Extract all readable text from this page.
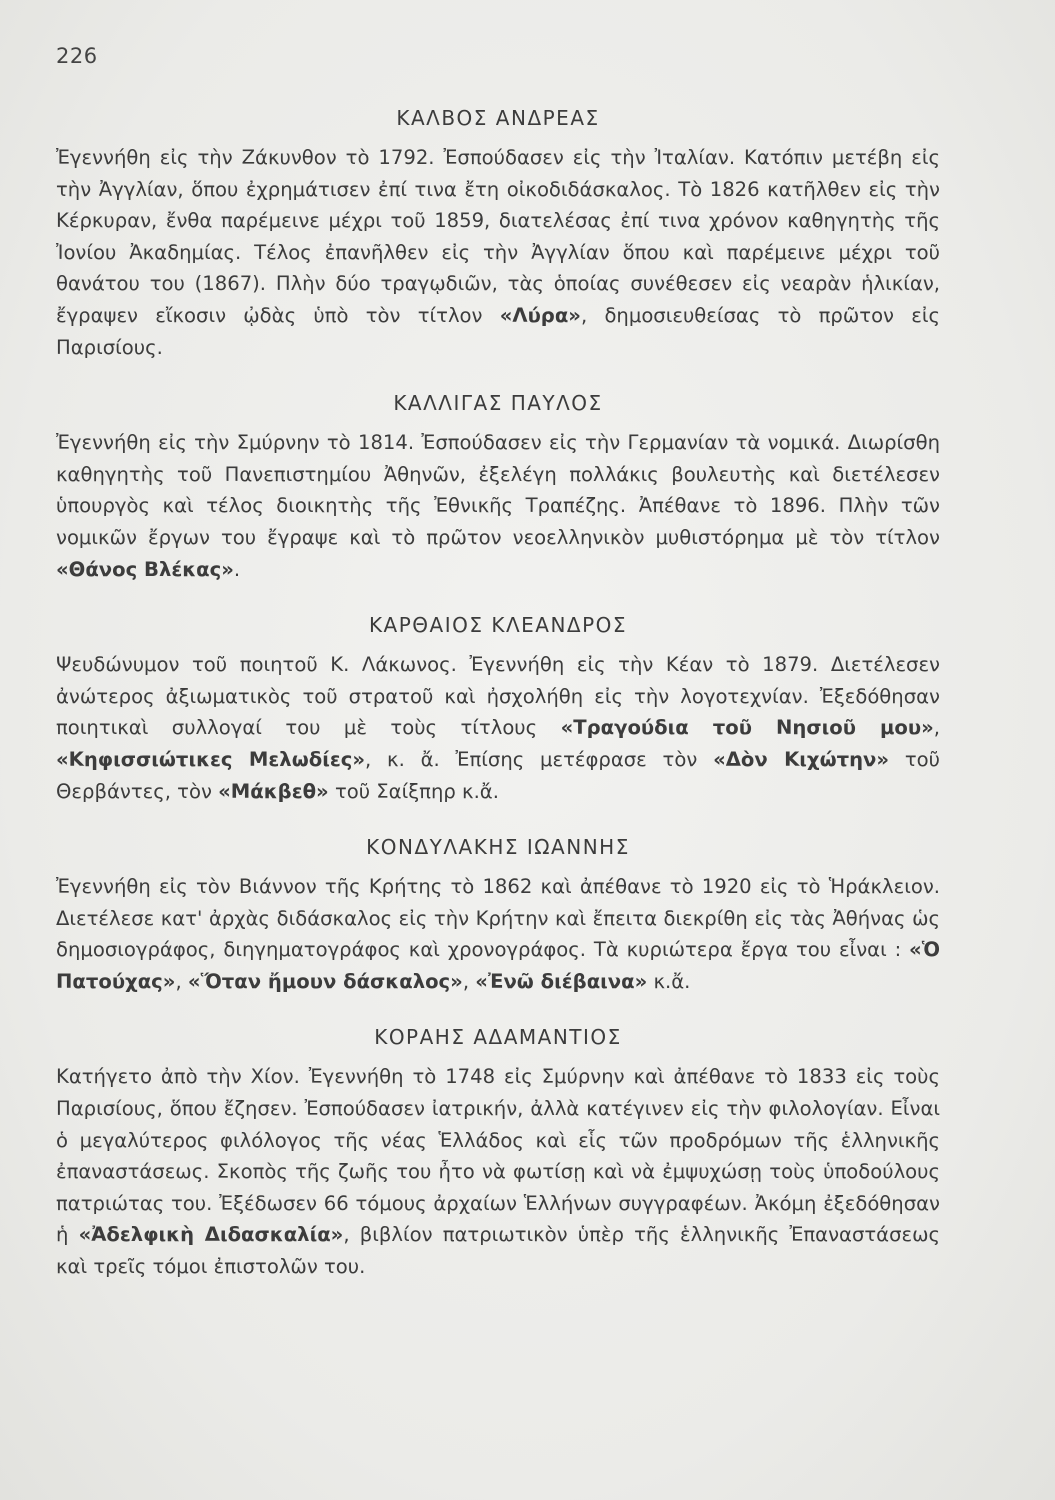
226
ΚΑΛΒΟΣ ΑΝΔΡΕΑΣ

Ἐγεννήθη εἰς τὴν Ζάκυνθον τὸ 1792. Ἐσπούδασεν εἰς τὴν Ἰταλίαν. Κατόπιν μετέβη εἰς τὴν Ἀγγλίαν, ὅπου ἐχρημάτισεν ἐπί τινα ἔτη οἰκοδιδάσκαλος. Τὸ 1826 κατῆλθεν εἰς τὴν Κέρκυραν, ἔνθα παρέμεινε μέχρι τοῦ 1859, διατελέσας ἐπί τινα χρόνον καθηγητὴς τῆς Ἰονίου Ἀκαδημίας. Τέλος ἐπανῆλθεν εἰς τὴν Ἀγγλίαν ὅπου καὶ παρέμεινε μέχρι τοῦ θανάτου του (1867). Πλὴν δύο τραγῳδιῶν, τὰς ὁποίας συνέθεσεν εἰς νεαρὰν ἡλικίαν, ἔγραψεν εἴκοσιν ᾠδὰς ὑπὸ τὸν τίτλον «Λύρα», δημοσιευθείσας τὸ πρῶτον εἰς Παρισίους.

ΚΑΛΛΙΓΑΣ ΠΑΥΛΟΣ

Ἐγεννήθη εἰς τὴν Σμύρνην τὸ 1814. Ἐσπούδασεν εἰς τὴν Γερμανίαν τὰ νομικά. Διωρίσθη καθηγητὴς τοῦ Πανεπιστημίου Ἀθηνῶν, ἐξελέγη πολλάκις βουλευτὴς καὶ διετέλεσεν ὑπουργὸς καὶ τέλος διοικητὴς τῆς Ἐθνικῆς Τραπέζης. Ἀπέθανε τὸ 1896. Πλὴν τῶν νομικῶν ἔργων του ἔγραψε καὶ τὸ πρῶτον νεοελληνικὸν μυθιστόρημα μὲ τὸν τίτλον «Θάνος Βλέκας».

ΚΑΡΘΑΙΟΣ ΚΛΕΑΝΔΡΟΣ

Ψευδώνυμον τοῦ ποιητοῦ Κ. Λάκωνος. Ἐγεννήθη εἰς τὴν Κέαν τὸ 1879. Διετέλεσεν ἀνώτερος ἀξιωματικὸς τοῦ στρατοῦ καὶ ἠσχολήθη εἰς τὴν λογοτεχνίαν. Ἐξεδόθησαν ποιητικαὶ συλλογαί του μὲ τοὺς τίτλους «Τραγούδια τοῦ Νησιοῦ μου», «Κηφισσιώτικες Μελωδίες», κ. ἄ. Ἐπίσης μετέφρασε τὸν «Δὸν Κιχώτην» τοῦ Θερβάντες, τὸν «Μάκβεθ» τοῦ Σαίξπηρ κ.ἄ.

ΚΟΝΔΥΛΑΚΗΣ ΙΩΑΝΝΗΣ

Ἐγεννήθη εἰς τὸν Βιάννον τῆς Κρήτης τὸ 1862 καὶ ἀπέθανε τὸ 1920 εἰς τὸ Ἡράκλειον. Διετέλεσε κατ' ἀρχὰς διδάσκαλος εἰς τὴν Κρήτην καὶ ἔπειτα διεκρίθη εἰς τὰς Ἀθήνας ὡς δημοσιογράφος, διηγηματογράφος καὶ χρονογράφος. Τὰ κυριώτερα ἔργα του εἶναι : «Ὁ Πατούχας», «Ὅταν ἤμουν δάσκαλος», «Ἐνῶ διέβαινα» κ.ἄ.

ΚΟΡΑΗΣ ΑΔΑΜΑΝΤΙΟΣ

Κατήγετο ἀπὸ τὴν Χίον. Ἐγεννήθη τὸ 1748 εἰς Σμύρνην καὶ ἀπέθανε τὸ 1833 εἰς τοὺς Παρισίους, ὅπου ἔζησεν. Ἐσπούδασεν ἰατρικήν, ἀλλὰ κατέγινεν εἰς τὴν φιλολογίαν. Εἶναι ὁ μεγαλύτερος φιλόλογος τῆς νέας Ἑλλάδος καὶ εἷς τῶν προδρόμων τῆς ἑλληνικῆς ἐπαναστάσεως. Σκοπὸς τῆς ζωῆς του ἦτο νὰ φωτίσῃ καὶ νὰ ἐμψυχώσῃ τοὺς ὑποδούλους πατριώτας του. Ἐξέδωσεν 66 τόμους ἀρχαίων Ἑλλήνων συγγραφέων. Ἀκόμη ἐξεδόθησαν ἡ «Ἀδελφικὴ Διδασκαλία», βιβλίον πατριωτικὸν ὑπὲρ τῆς ἑλληνικῆς Ἐπαναστάσεως καὶ τρεῖς τόμοι ἐπιστολῶν του.
